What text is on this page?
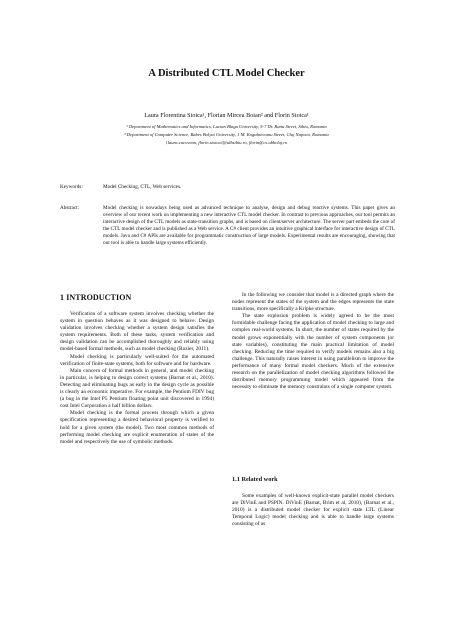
A Distributed CTL Model Checker
Laura Florentina Stoica¹, Florian Mircea Boian² and Florin Stoica¹
¹ Department of Mathematics and Informatics, Lucian Blaga University, 5-7 Dr. Ratiu Street, Sibiu, Romania
² Department of Computer Science, Babes Bolyai University, 1 M. Kogalniceanu Street, Cluj Napoca, Romania
{laura.cacovean, florin.stoica}@ulbsibiu.ro, florin@cs.ubbcluj.ro
Keywords:	Model Checking, CTL, Web services.
Abstract:	Model checking is nowadays being used as advanced technique to analyse, design and debug reactive systems. This paper gives an overview of our recent work on implementing a new interactive CTL model checker. In contrast to previous approaches, our tool permits an interactive design of the CTL models as state-transition graphs, and is based on client/server architecture. The server part embeds the core of the CTL model checker and is published as a Web service. A C# client provides an intuitive graphical interface for interactive design of CTL models. Java and C# APIs are available for programmatic construction of large models. Experimental results are encouraging, showing that our tool is able to handle large systems efficiently.
1 INTRODUCTION

Verification of a software system involves checking whether the system in question behaves as it was designed to behave. Design validation involves checking whether a system design satisfies the system requirements. Both of these tasks, system verification and design validation can be accomplished thoroughly and reliably using model-based formal methods, such as model checking (Rozier, 2011).

Model checking is particularly well-suited for the automated verification of finite-state systems, both for software and for hardware.

Main concern of formal methods in general, and model checking in particular, is helping to design correct systems (Barnat et al., 2010). Detecting and eliminating bugs as early in the design cycle as possible is clearly an economic imperative. For example, the Pentium FDIV bug (a bug in the Intel P5 Pentium floating point unit discovered in 1994) cost Intel Corporation a half billion dollars.

Model checking is the formal process through which a given specification representing a desired behavioral property is verified to hold for a given system (the model). Two most common methods of performing model checking are explicit enumeration of states of the model and respectively the use of symbolic methods.

In the following we consider that model is a directed graph where the nodes represent the states of the system and the edges represents the state transitions, more specifically a Kripke structure.

The state explosion problem is widely agreed to be the most formidable challenge facing the application of model checking to large and complex real-world systems. In short, the number of states required by the model grows exponentially with the number of system components (or state variables), constituting the main practical limitation of model checking. Reducing the time required to verify models remains also a big challenge. This naturally raises interest in using parallelism to improve the performance of many formal model checkers. Much of the extensive research on the parallelization of model checking algorithms followed the distributed memory programming model which appeared from the necessity to eliminate the memory constraints of a single computer system.

1.1 Related work

Some examples of well-known explicit-state parallel model checkers are DiVinE and PSPIN. DiVinE (Barnat, Brim et al, 2010), (Barnat et al., 2010) is a distributed model checker for explicit state LTL (Linear Temporal Logic) model checking and is able to handle large systems consisting of as
